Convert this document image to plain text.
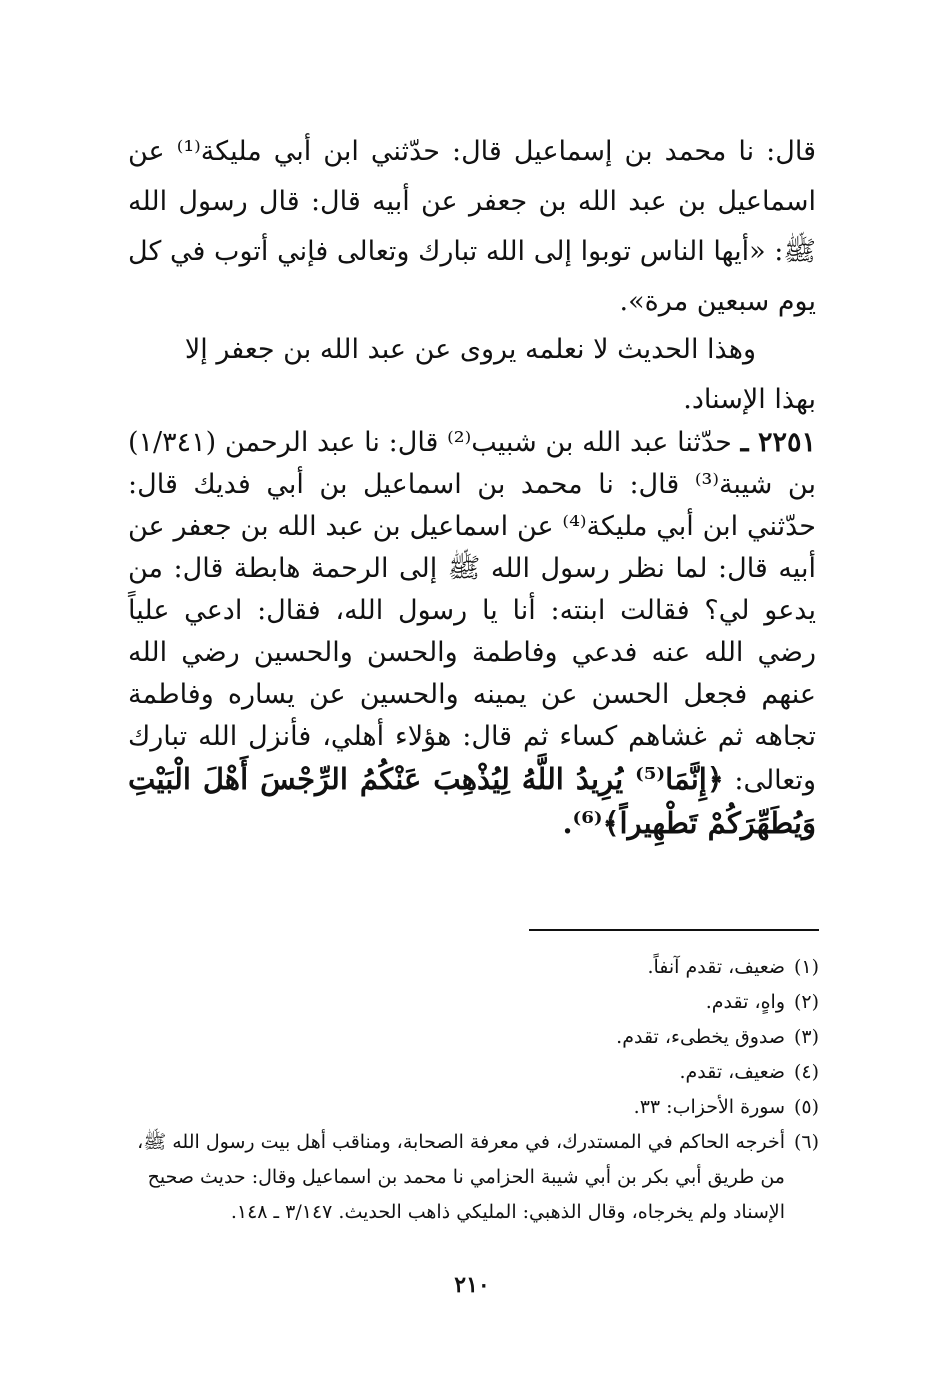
قال: نا محمد بن إسماعيل قال: حدّثني ابن أبي مليكة⁽¹⁾ عن اسماعيل بن عبد الله بن جعفر عن أبيه قال: قال رسول الله ﷺ: «أيها الناس توبوا إلى الله تبارك وتعالى فإني أتوب في كل يوم سبعين مرة».
وهذا الحديث لا نعلمه يروى عن عبد الله بن جعفر إلا
بهذا الإسناد.
٢٢٥١ ـ حدّثنا عبد الله بن شبيب⁽²⁾ قال: نا عبد الرحمن (١/٣٤١) بن شيبة⁽³⁾ قال: نا محمد بن اسماعيل بن أبي فديك قال: حدّثني ابن أبي مليكة⁽⁴⁾ عن اسماعيل بن عبد الله بن جعفر عن أبيه قال: لما نظر رسول الله ﷺ إلى الرحمة هابطة قال: من يدعو لي؟ فقالت ابنته: أنا يا رسول الله، فقال: ادعي علياً رضي الله عنه فدعي وفاطمة والحسن والحسين رضي الله عنهم فجعل الحسن عن يمينه والحسين عن يساره وفاطمة تجاهه ثم غشاهم كساء ثم قال: هؤلاء أهلي، فأنزل الله تبارك وتعالى: ﴿إِنَّمَا⁽⁵⁾ يُرِيدُ اللَّهُ لِيُذْهِبَ عَنْكُمُ الرِّجْسَ أَهْلَ الْبَيْتِ وَيُطَهِّرَكُمْ تَطْهِيراً﴾⁽⁶⁾.
(١)ضعيف، تقدم آنفاً.
(٢)واهٍ، تقدم.
(٣)صدوق يخطىء، تقدم.
(٤)ضعيف، تقدم.
(٥)سورة الأحزاب: ٣٣.
(٦)أخرجه الحاكم في المستدرك، في معرفة الصحابة، ومناقب أهل بيت رسول الله ﷺ، من طريق أبي بكر بن أبي شيبة الحزامي نا محمد بن اسماعيل وقال: حديث صحيح الإسناد ولم يخرجاه، وقال الذهبي: المليكي ذاهب الحديث. ٣/١٤٧ ـ ١٤٨.
٢١٠
